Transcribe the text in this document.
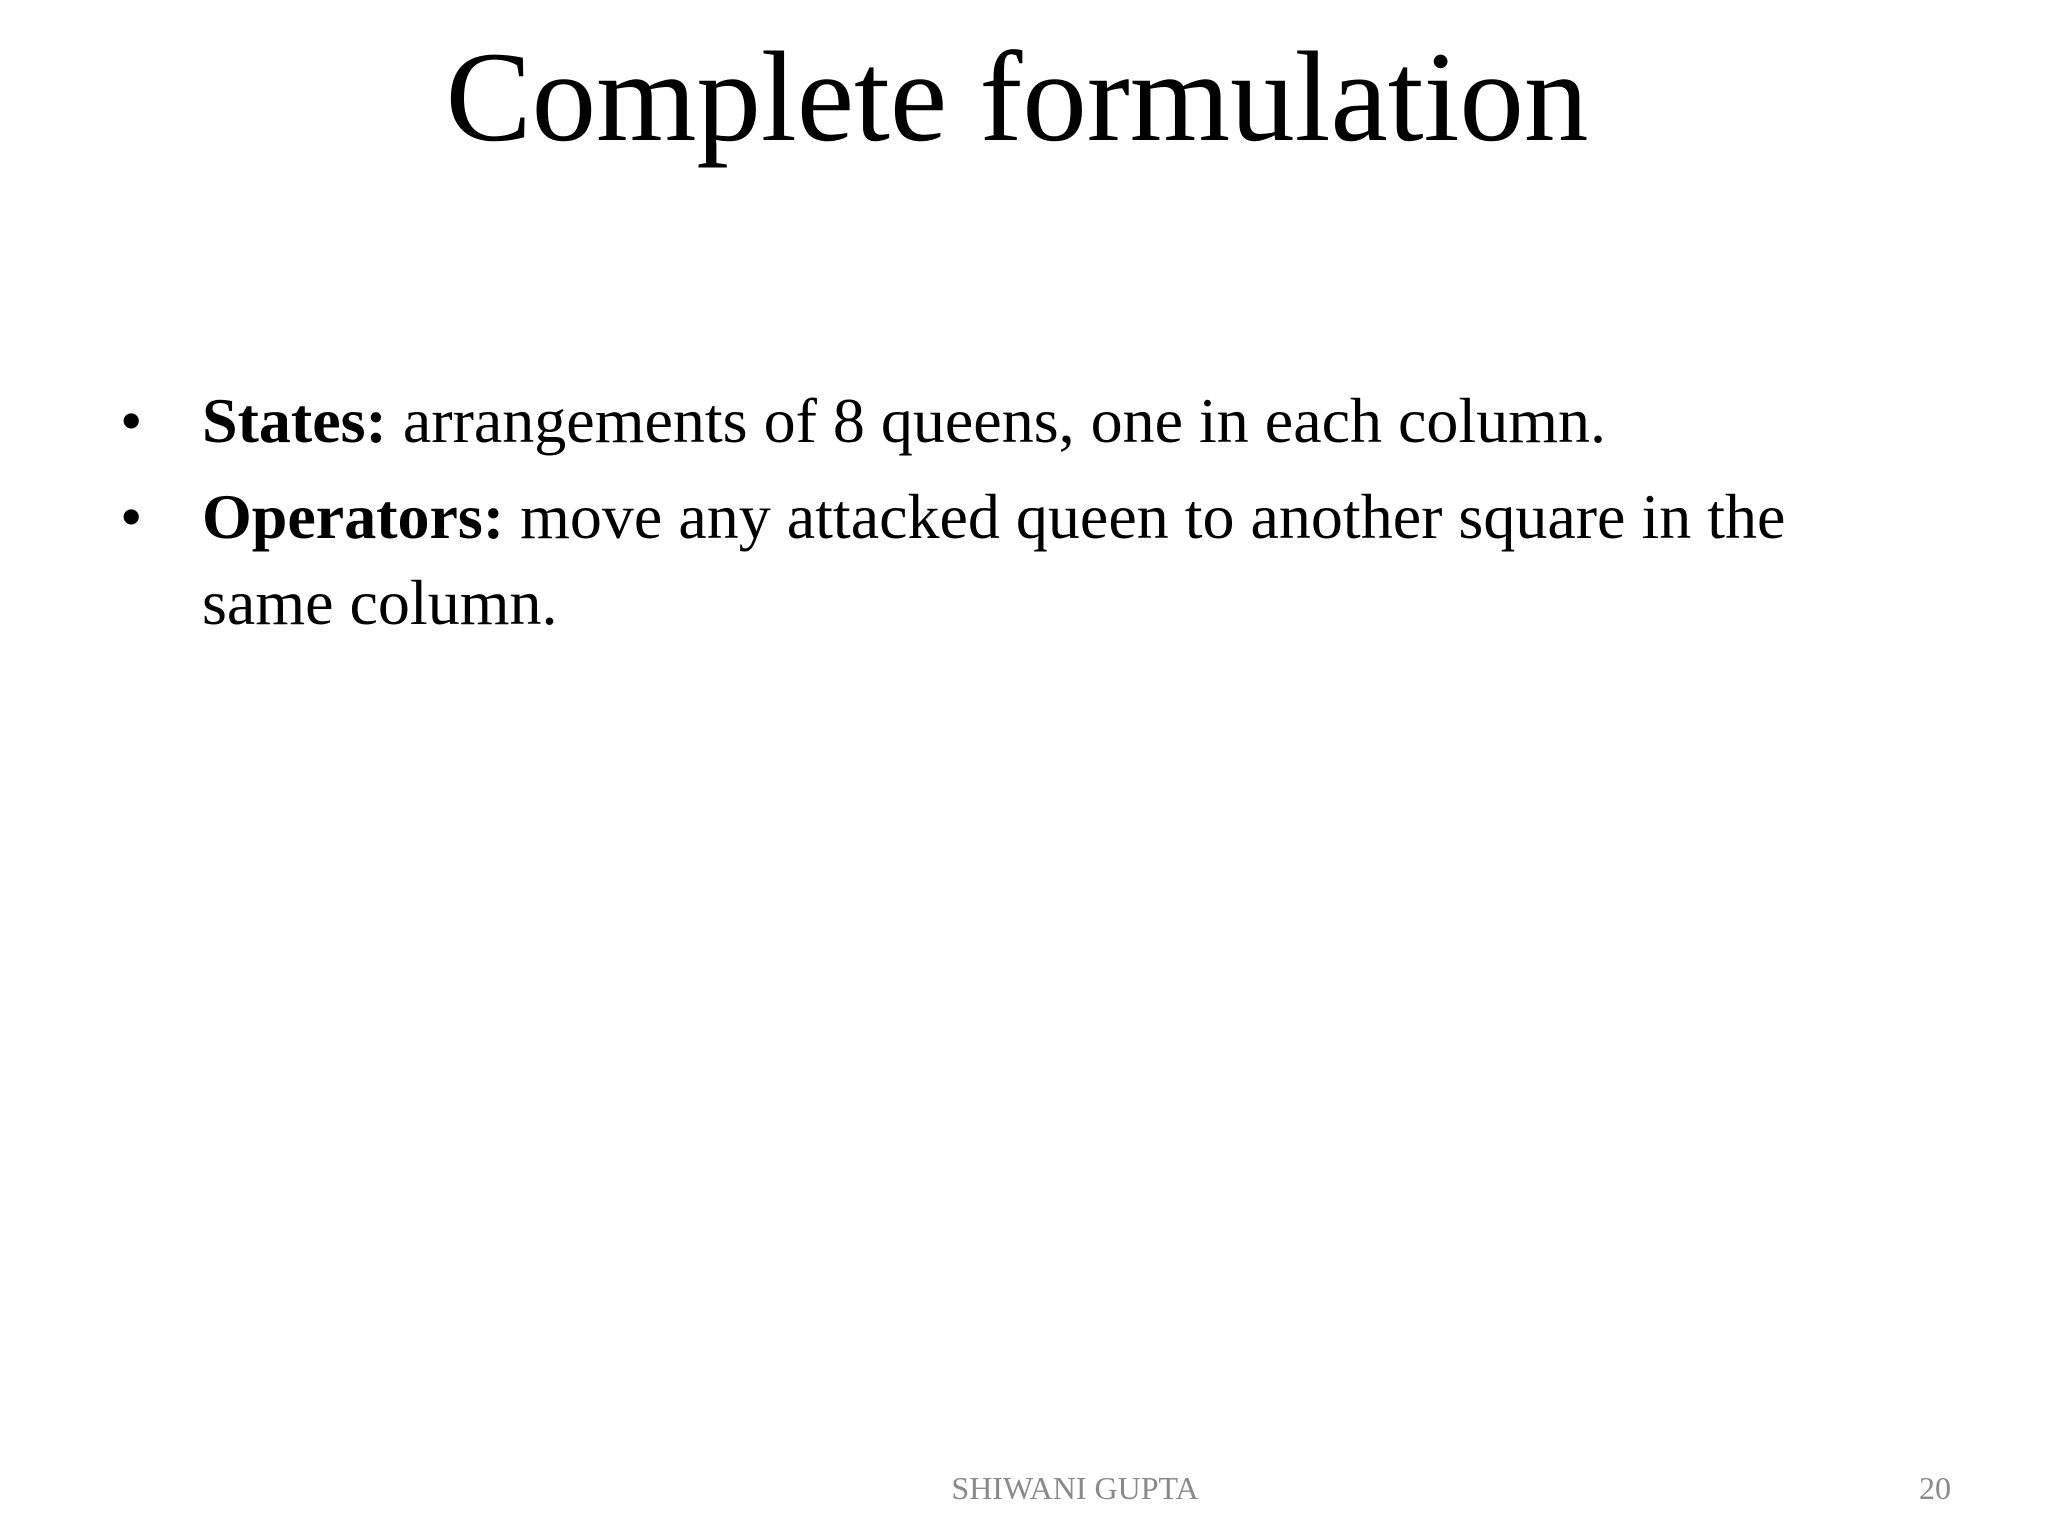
Complete formulation
• States: arrangements of 8 queens, one in each column.
• Operators: move any attacked queen to another square in the same column.
SHIWANI GUPTA	20
